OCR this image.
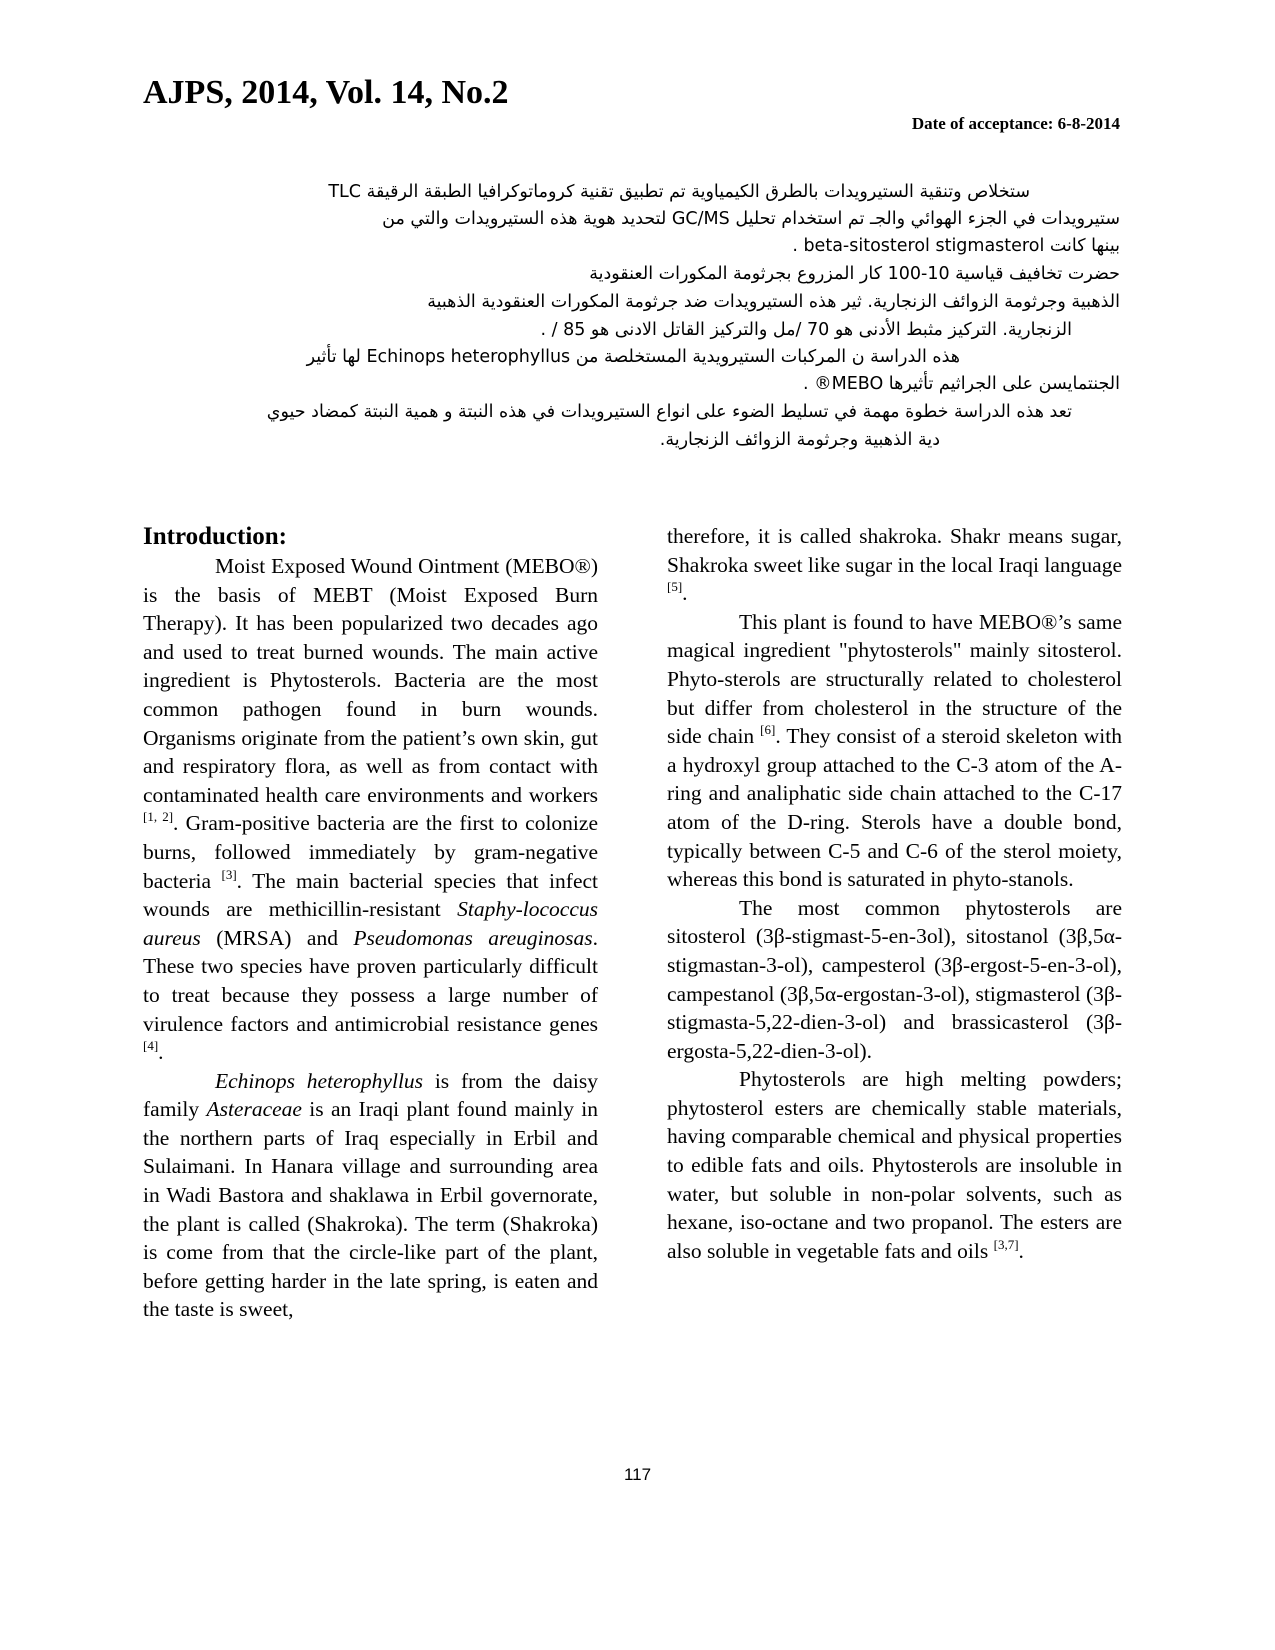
AJPS, 2014, Vol. 14, No.2
Date of acceptance: 6-8-2014
ستخلاص وتنقية الستيرويدات بالطرق الكيمياوية تم تطبيق تقنية كروماتوكرافيا الطبقة الرقيقة TLC
ستيرويدات في الجزء الهوائي والجـ تم استخدام تحليل GC/MS لتحديد هوية هذه الستيرويدات والتي من
بينها كانت beta-sitosterol stigmasterol .
حضرت تخافيف قياسية 10-100 كار المزروع بجرثومة المكورات العنقودية
الذهبية وجرثومة الزوائف الزنجارية. ثير هذه الستيرويدات ضد جرثومة المكورات العنقودية الذهبية
الزنجارية. التركيز مثبط الأدنى هو 70 /مل والتركيز القاتل الادنى هو 85 / .
هذه الدراسة ن المركبات الستيرويدية المستخلصة من Echinops heterophyllus لها تأثير
الجنتمايسن على الجراثيم تأثيرها MEBO® .
تعد هذه الدراسة خطوة مهمة في تسليط الضوء على انواع الستيرويدات في هذه النبتة و همية النبتة كمضاد حيوي
دية الذهبية وجرثومة الزوائف الزنجارية.
Introduction:

Moist Exposed Wound Ointment (MEBO®) is the basis of MEBT (Moist Exposed Burn Therapy). It has been popularized two decades ago and used to treat burned wounds. The main active ingredient is Phytosterols. Bacteria are the most common pathogen found in burn wounds. Organisms originate from the patient’s own skin, gut and respiratory flora, as well as from contact with contaminated health care environments and workers [1, 2]. Gram-positive bacteria are the first to colonize burns, followed immediately by gram-negative bacteria [3]. The main bacterial species that infect wounds are methicillin-resistant Staphy-lococcus aureus (MRSA) and Pseudomonas areuginosas. These two species have proven particularly difficult to treat because they possess a large number of virulence factors and antimicrobial resistance genes [4].

Echinops heterophyllus is from the daisy family Asteraceae is an Iraqi plant found mainly in the northern parts of Iraq especially in Erbil and Sulaimani. In Hanara village and surrounding area in Wadi Bastora and shaklawa in Erbil governorate, the plant is called (Shakroka). The term (Shakroka) is come from that the circle-like part of the plant, before getting harder in the late spring, is eaten and the taste is sweet,

therefore, it is called shakroka. Shakr means sugar, Shakroka sweet like sugar in the local Iraqi language [5].

This plant is found to have MEBO®’s same magical ingredient "phytosterols" mainly sitosterol. Phyto-sterols are structurally related to cholesterol but differ from cholesterol in the structure of the side chain [6]. They consist of a steroid skeleton with a hydroxyl group attached to the C-3 atom of the A-ring and analiphatic side chain attached to the C-17 atom of the D-ring. Sterols have a double bond, typically between C-5 and C-6 of the sterol moiety, whereas this bond is saturated in phyto-stanols.

The most common phytosterols are sitosterol (3β-stigmast-5-en-3ol), sitostanol (3β,5α-stigmastan-3-ol), campesterol (3β-ergost-5-en-3-ol), campestanol (3β,5α-ergostan-3-ol), stigmasterol (3β-stigmasta-5,22-dien-3-ol) and brassicasterol (3β-ergosta-5,22-dien-3-ol).

Phytosterols are high melting powders; phytosterol esters are chemically stable materials, having comparable chemical and physical properties to edible fats and oils. Phytosterols are insoluble in water, but soluble in non-polar solvents, such as hexane, iso-octane and two propanol. The esters are also soluble in vegetable fats and oils [3,7].

117
